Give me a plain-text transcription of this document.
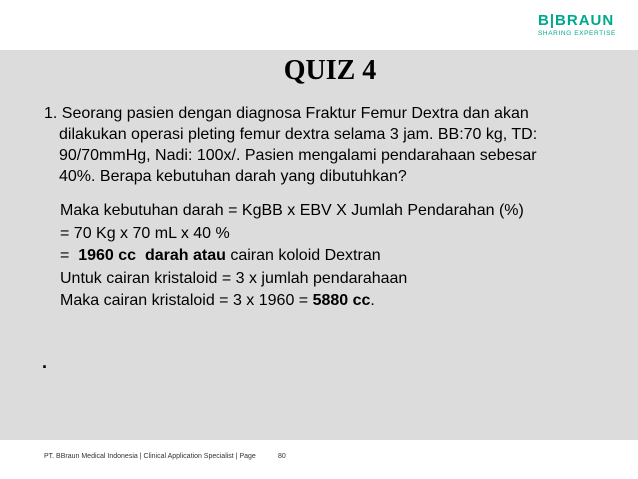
B|BRAUN
SHARING EXPERTISE
QUIZ 4
1. Seorang pasien dengan diagnosa Fraktur Femur Dextra dan akan
dilakukan operasi pleting femur dextra selama 3 jam. BB:70 kg, TD:
90/70mmHg, Nadi: 100x/. Pasien mengalami pendarahaan sebesar
40%. Berapa kebutuhan darah yang dibutuhkan?
Maka kebutuhan darah = KgBB x EBV X Jumlah Pendarahan (%)
= 70 Kg x 70 mL x 40 %
=  1960 cc  darah atau cairan koloid Dextran
Untuk cairan kristaloid = 3 x jumlah pendarahaan
Maka cairan kristaloid = 3 x 1960 = 5880 cc.
.
PT. BBraun Medical Indonesia | Clinical Application Specialist | Page	80
